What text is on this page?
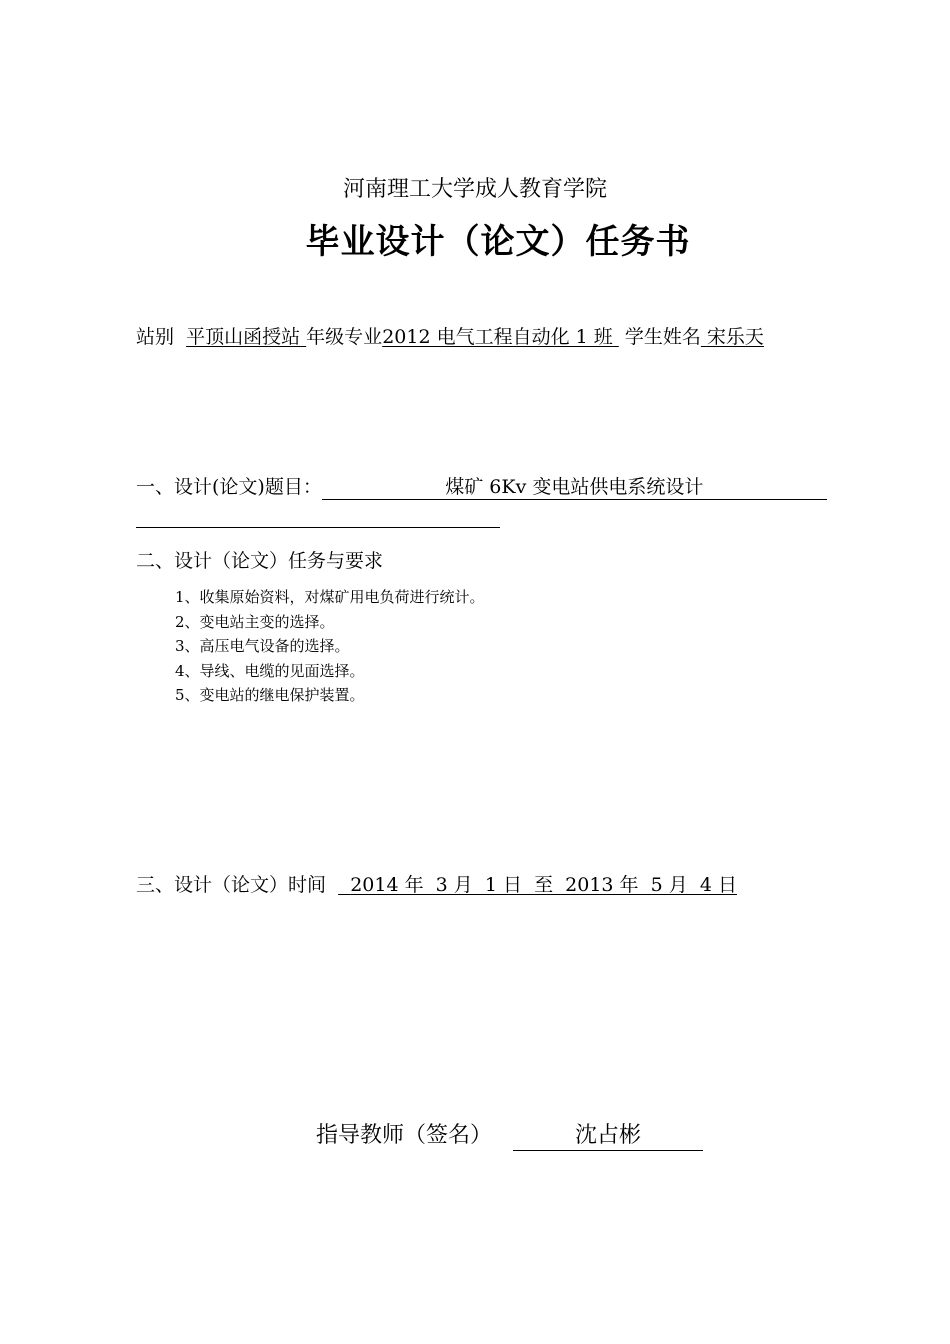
河南理工大学成人教育学院
毕业设计（论文）任务书
站别 平顶山函授站 年级专业2012 电气工程自动化 1 班 学生姓名 宋乐天
一、设计(论文)题目：	煤矿 6Kv 变电站供电系统设计
二、设计（论文）任务与要求
1、收集原始资料，对煤矿用电负荷进行统计。
2、变电站主变的选择。
3、高压电气设备的选择。
4、导线、电缆的见面选择。
5、变电站的继电保护装置。
三、设计（论文）时间 2014 年  3 月  1 日  至  2013 年  5 月  4 日
指导教师（签名）	沈占彬
